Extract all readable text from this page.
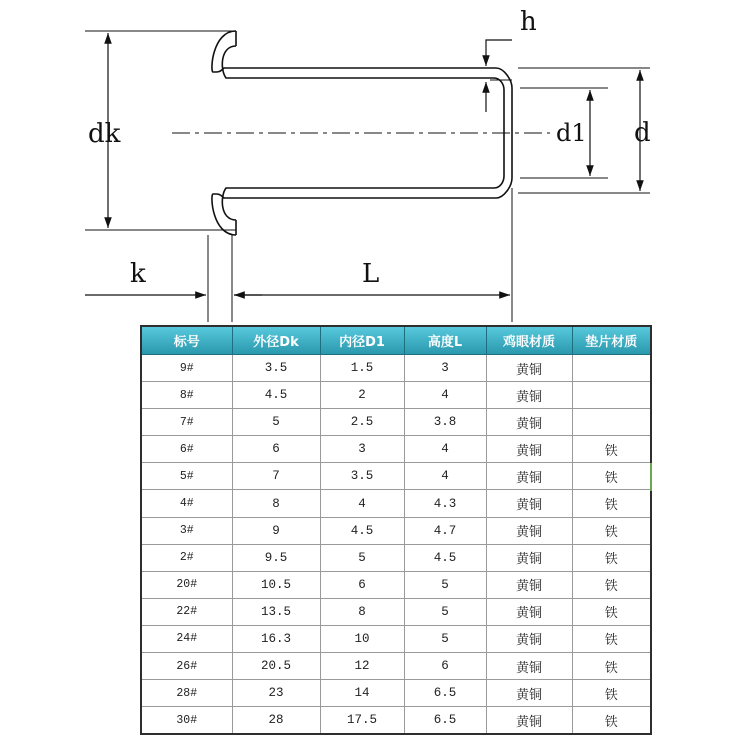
dk
h
d1 d
k	L
标号	外径Dk	内径D1	高度L	鸡眼材质	垫片材质
9#	3.5	1.5	3	黄铜	
8#	4.5	2	4	黄铜	
7#	5	2.5	3.8	黄铜	
6#	6	3	4	黄铜	铁
5#	7	3.5	4	黄铜	铁
4#	8	4	4.3	黄铜	铁
3#	9	4.5	4.7	黄铜	铁
2#	9.5	5	4.5	黄铜	铁
20#	10.5	6	5	黄铜	铁
22#	13.5	8	5	黄铜	铁
24#	16.3	10	5	黄铜	铁
26#	20.5	12	6	黄铜	铁
28#	23	14	6.5	黄铜	铁
30#	28	17.5	6.5	黄铜	铁
